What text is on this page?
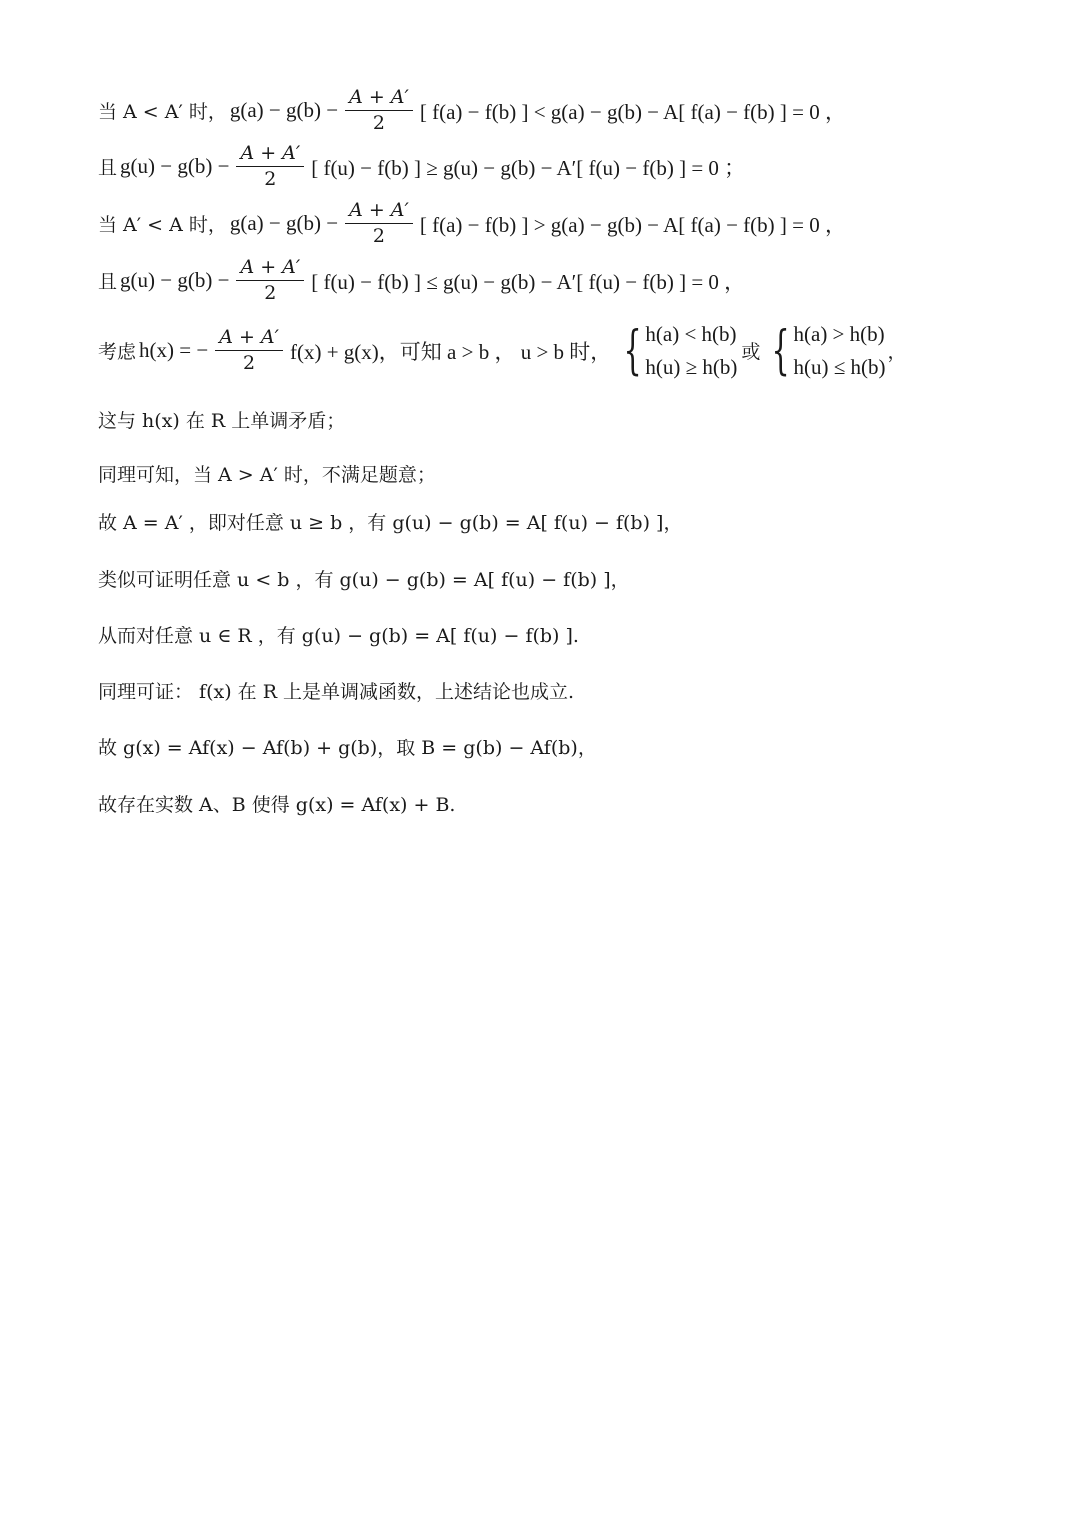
当 A < A′ 时， $g(a) - g(b) - \frac{A + A'}{2}$ [ f(a) − f(b) ] < g(a) − g(b) − A[ f(a) − f(b) ] = 0 ，
且 $g(u) - g(b) - \frac{A + A'}{2}$ [ f(u) − f(b) ] ≥ g(u) − g(b) − A′[ f(u) − f(b) ] = 0 ；
当 A′ < A 时， $g(a) - g(b) - \frac{A + A'}{2}$ [ f(a) − f(b) ] > g(a) − g(b) − A[ f(a) − f(b) ] = 0 ，
且 $g(u) - g(b) - \frac{A + A'}{2}$ [ f(u) − f(b) ] ≤ g(u) − g(b) − A′[ f(u) − f(b) ] = 0 ，
考虑 h(x) = − $\frac{A + A'}{2} f(x) + g(x)$，可知 a > b ， u > b 时， { h(a) < h(b)
h(u) ≥ h(b)
或 { h(a) > h(b)
h(u) ≤ h(b)
，
这与 h(x) 在 R 上单调矛盾；
同理可知，当 A > A′ 时，不满足题意；
故 A = A′ ，即对任意 u ≥ b ，有 g(u) − g(b) = A[ f(u) − f(b) ]，
类似可证明任意 u < b ，有 g(u) − g(b) = A[ f(u) − f(b) ]，
从而对任意 u ∈ R ，有 g(u) − g(b) = A[ f(u) − f(b) ].
同理可证： f(x) 在 R 上是单调减函数，上述结论也成立.
故 g(x) = Af(x) − Af(b) + g(b)，取 B = g(b) − Af(b)，
故存在实数 A、B 使得 g(x) = Af(x) + B.
